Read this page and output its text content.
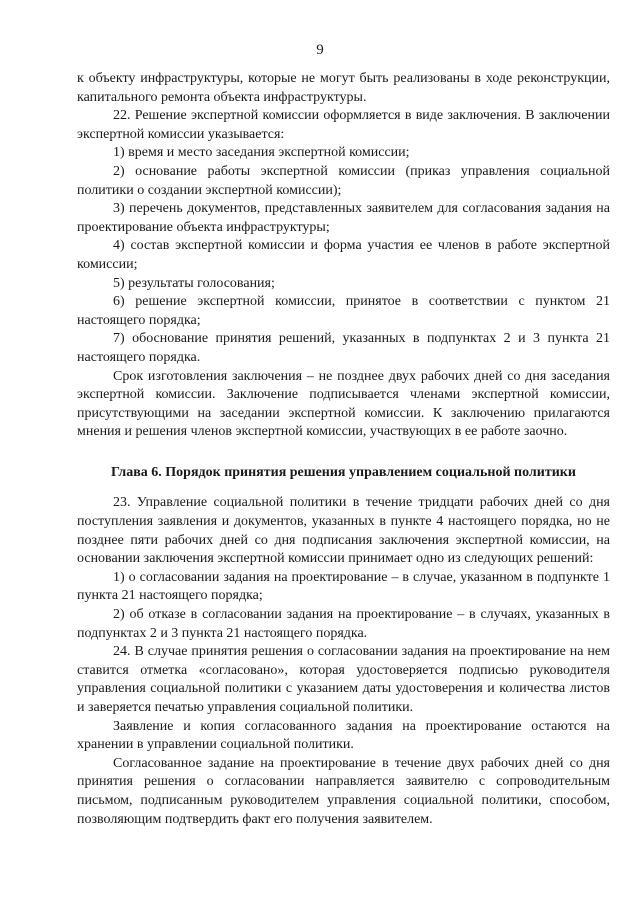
9

к объекту инфраструктуры, которые не могут быть реализованы в ходе реконструкции, капитального ремонта объекта инфраструктуры.

22. Решение экспертной комиссии оформляется в виде заключения. В заключении экспертной комиссии указывается:

1) время и место заседания экспертной комиссии;

2) основание работы экспертной комиссии (приказ управления социальной политики о создании экспертной комиссии);

3) перечень документов, представленных заявителем для согласования задания на проектирование объекта инфраструктуры;

4) состав экспертной комиссии и форма участия ее членов в работе экспертной комиссии;

5) результаты голосования;

6) решение экспертной комиссии, принятое в соответствии с пунктом 21 настоящего порядка;

7) обоснование принятия решений, указанных в подпунктах 2 и 3 пункта 21 настоящего порядка.

Срок изготовления заключения – не позднее двух рабочих дней со дня заседания экспертной комиссии. Заключение подписывается членами экспертной комиссии, присутствующими на заседании экспертной комиссии. К заключению прилагаются мнения и решения членов экспертной комиссии, участвующих в ее работе заочно.

Глава 6. Порядок принятия решения управлением социальной политики

23. Управление социальной политики в течение тридцати рабочих дней со дня поступления заявления и документов, указанных в пункте 4 настоящего порядка, но не позднее пяти рабочих дней со дня подписания заключения экспертной комиссии, на основании заключения экспертной комиссии принимает одно из следующих решений:

1) о согласовании задания на проектирование – в случае, указанном в подпункте 1 пункта 21 настоящего порядка;

2) об отказе в согласовании задания на проектирование – в случаях, указанных в подпунктах 2 и 3 пункта 21 настоящего порядка.

24. В случае принятия решения о согласовании задания на проектирование на нем ставится отметка «согласовано», которая удостоверяется подписью руководителя управления социальной политики с указанием даты удостоверения и количества листов и заверяется печатью управления социальной политики.

Заявление и копия согласованного задания на проектирование остаются на хранении в управлении социальной политики.

Согласованное задание на проектирование в течение двух рабочих дней со дня принятия решения о согласовании направляется заявителю с сопроводительным письмом, подписанным руководителем управления социальной политики, способом, позволяющим подтвердить факт его получения заявителем.
